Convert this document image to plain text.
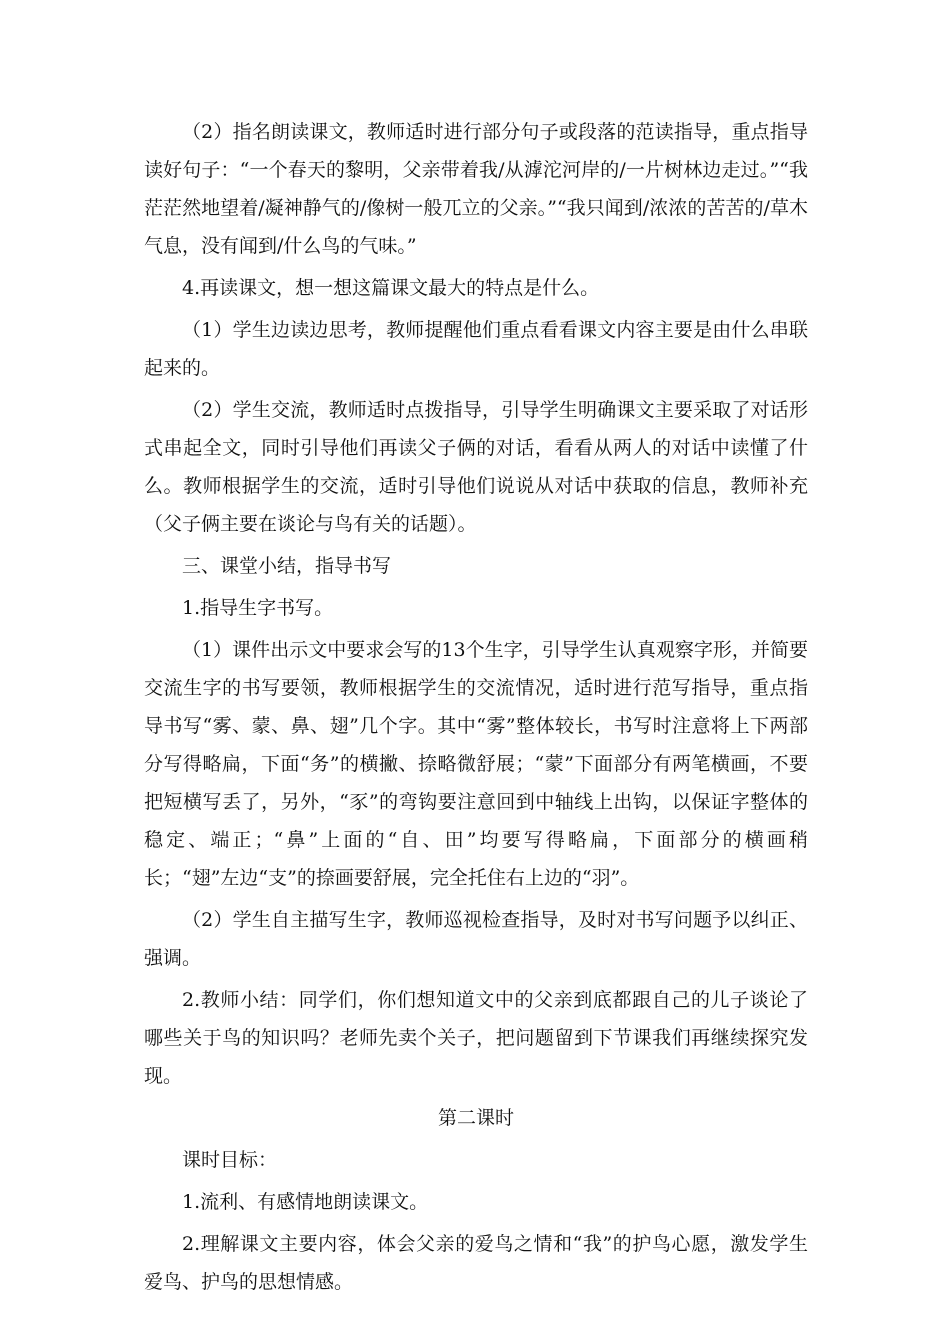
（2）指名朗读课文，教师适时进行部分句子或段落的范读指导，重点指导读好句子：“一个春天的黎明，父亲带着我/从滹沱河岸的/一片树林边走过。”“我茫茫然地望着/凝神静气的/像树一般兀立的父亲。”“我只闻到/浓浓的苦苦的/草木气息，没有闻到/什么鸟的气味。”

4.再读课文，想一想这篇课文最大的特点是什么。

（1）学生边读边思考，教师提醒他们重点看看课文内容主要是由什么串联起来的。

（2）学生交流，教师适时点拨指导，引导学生明确课文主要采取了对话形式串起全文，同时引导他们再读父子俩的对话，看看从两人的对话中读懂了什么。教师根据学生的交流，适时引导他们说说从对话中获取的信息，教师补充（父子俩主要在谈论与鸟有关的话题）。

三、课堂小结，指导书写

1.指导生字书写。

（1）课件出示文中要求会写的13个生字，引导学生认真观察字形，并简要交流生字的书写要领，教师根据学生的交流情况，适时进行范写指导，重点指导书写“雾、蒙、鼻、翅”几个字。其中“雾”整体较长，书写时注意将上下两部分写得略扁，下面“务”的横撇、捺略微舒展；“蒙”下面部分有两笔横画，不要把短横写丢了，另外，“豕”的弯钩要注意回到中轴线上出钩，以保证字整体的稳定、端正；“鼻”上面的“自、田”均要写得略扁，下面部分的横画稍长；“翅”左边“支”的捺画要舒展，完全托住右上边的“羽”。

（2）学生自主描写生字，教师巡视检查指导，及时对书写问题予以纠正、强调。

2.教师小结：同学们，你们想知道文中的父亲到底都跟自己的儿子谈论了哪些关于鸟的知识吗？老师先卖个关子，把问题留到下节课我们再继续探究发现。

第二课时

课时目标：

1.流利、有感情地朗读课文。

2.理解课文主要内容，体会父亲的爱鸟之情和“我”的护鸟心愿，激发学生爱鸟、护鸟的思想情感。
